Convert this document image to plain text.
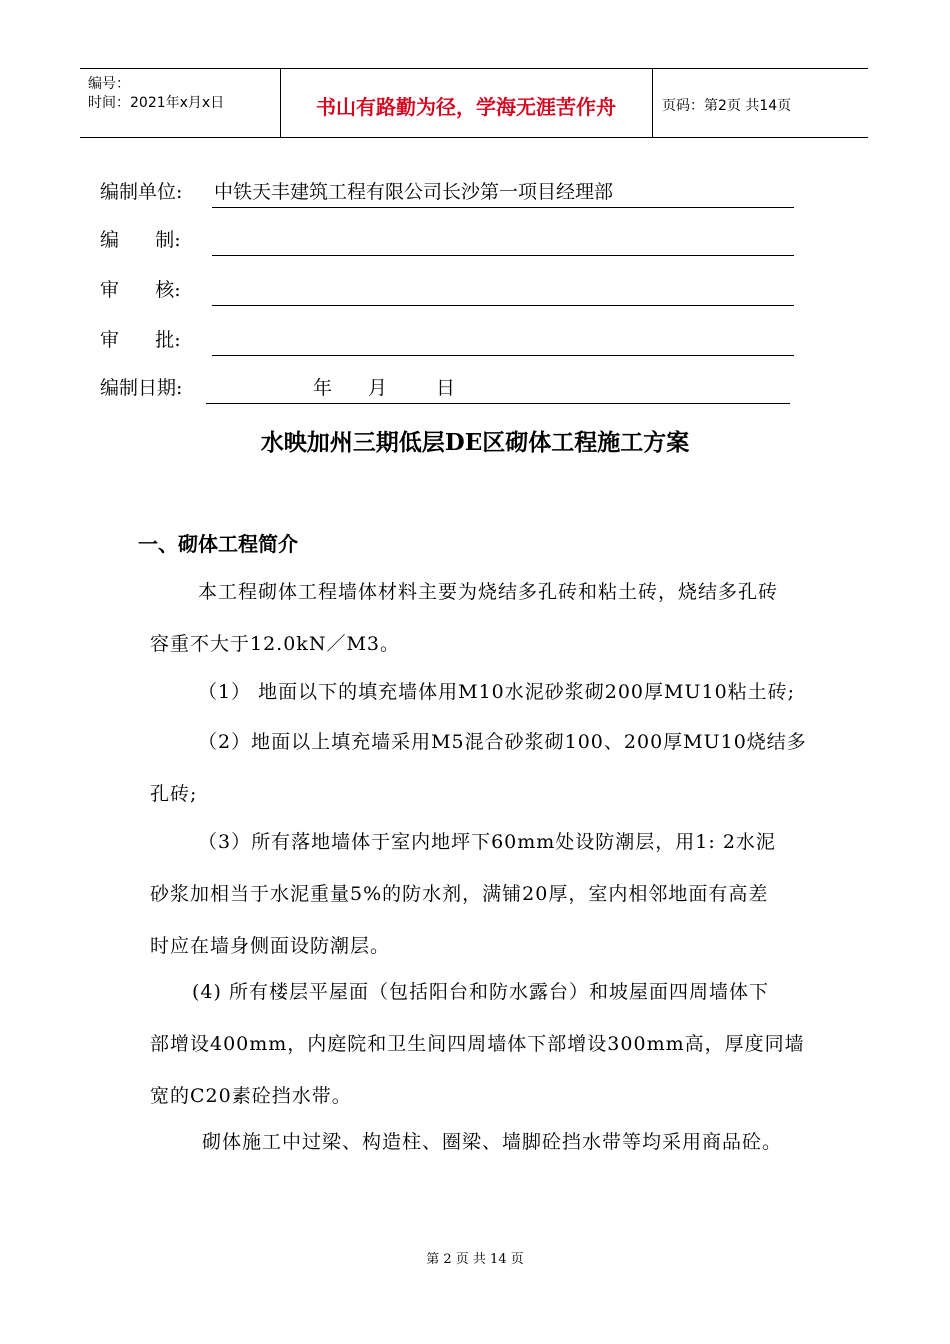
编号：
时间：2021年x月x日	书山有路勤为径，学海无涯苦作舟	页码：第2页 共14页
编制单位: 中铁天丰建筑工程有限公司长沙第一项目经理部
编      制:
审      核:
审      批:
编制日期:	年 月	日
水映加州三期低层DE区砌体工程施工方案
一、砌体工程简介
本工程砌体工程墙体材料主要为烧结多孔砖和粘土砖，烧结多孔砖
容重不大于12.0kN／M3。
（1） 地面以下的填充墙体用M10水泥砂浆砌200厚MU10粘土砖;
（2）地面以上填充墙采用M5混合砂浆砌100、200厚MU10烧结多
孔砖;
（3）所有落地墙体于室内地坪下60mm处设防潮层，用1: 2水泥
砂浆加相当于水泥重量5%的防水剂，满铺20厚，室内相邻地面有高差
时应在墙身侧面设防潮层。
(4) 所有楼层平屋面（包括阳台和防水露台）和坡屋面四周墙体下
部增设400mm，内庭院和卫生间四周墙体下部增设300mm高，厚度同墙
宽的C20素砼挡水带。
砌体施工中过梁、构造柱、圈梁、墙脚砼挡水带等均采用商品砼。
第 2 页 共 14 页
